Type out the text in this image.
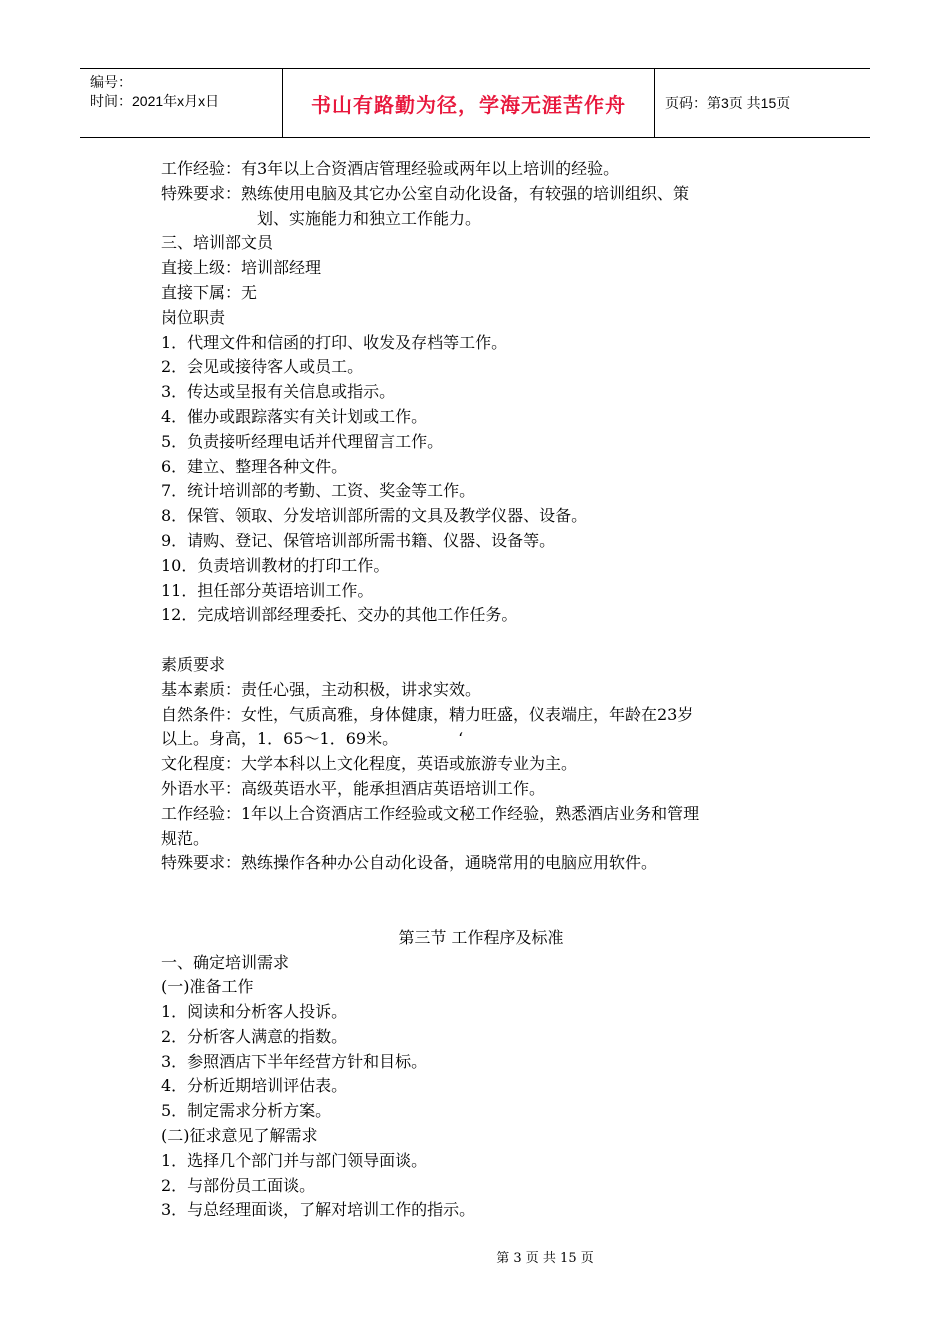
编号：
时间：2021年x月x日	书山有路勤为径，学海无涯苦作舟	页码：第3页 共15页
工作经验：有3年以上合资酒店管理经验或两年以上培训的经验。
特殊要求：熟练使用电脑及其它办公室自动化设备，有较强的培训组织、策
划、实施能力和独立工作能力。
三、培训部文员
直接上级：培训部经理
直接下属：无
岗位职责
1．代理文件和信函的打印、收发及存档等工作。
2．会见或接待客人或员工。
3．传达或呈报有关信息或指示。
4．催办或跟踪落实有关计划或工作。
5．负责接听经理电话并代理留言工作。
6．建立、整理各种文件。
7．统计培训部的考勤、工资、奖金等工作。
8．保管、领取、分发培训部所需的文具及教学仪器、设备。
9．请购、登记、保管培训部所需书籍、仪器、设备等。
10．负责培训教材的打印工作。
11．担任部分英语培训工作。
12．完成培训部经理委托、交办的其他工作任务。
素质要求
基本素质：责任心强，主动积极，讲求实效。
自然条件：女性，气质高雅，身体健康，精力旺盛，仪表端庄，年龄在23岁
以上。身高，1．65～1．69米。	‘
文化程度：大学本科以上文化程度，英语或旅游专业为主。
外语水平：高级英语水平，能承担酒店英语培训工作。
工作经验：1年以上合资酒店工作经验或文秘工作经验，熟悉酒店业务和管理
规范。
特殊要求：熟练操作各种办公自动化设备，通晓常用的电脑应用软件。
第三节 工作程序及标准
一、确定培训需求
(一)准备工作
1．阅读和分析客人投诉。
2．分析客人满意的指数。
3．参照酒店下半年经营方针和目标。
4．分析近期培训评估表。
5．制定需求分析方案。
(二)征求意见了解需求
1．选择几个部门并与部门领导面谈。
2．与部份员工面谈。
3．与总经理面谈，了解对培训工作的指示。
第 3 页 共 15 页
